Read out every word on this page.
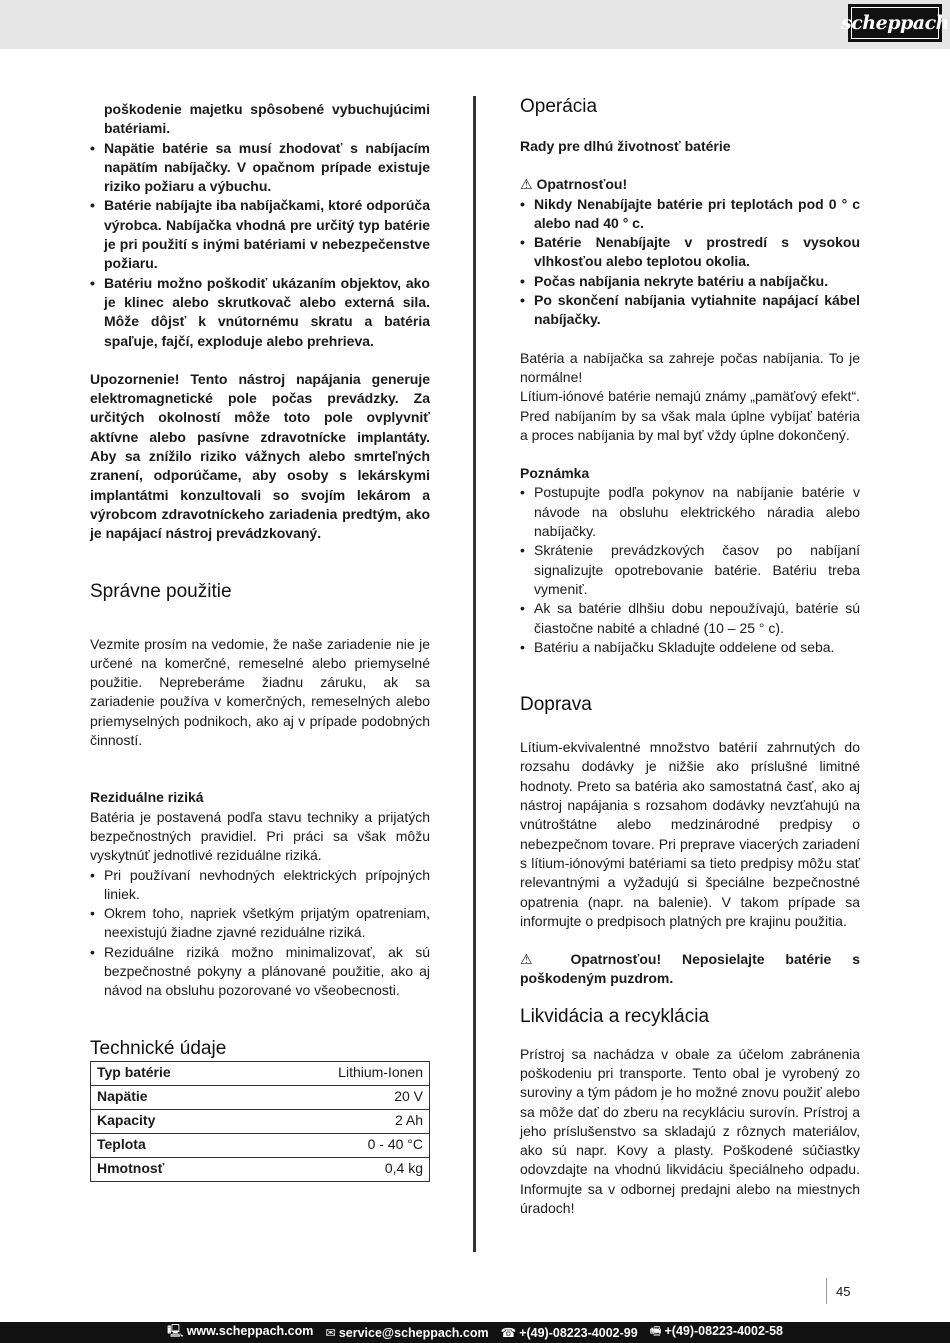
scheppach
poškodenie majetku spôsobené vybuchujúcimi batériami.
• Napätie batérie sa musí zhodovať s nabíjacím napätím nabíjačky. V opačnom prípade existuje riziko požiaru a výbuchu.
• Batérie nabíjajte iba nabíjačkami, ktoré odporúča výrobca. Nabíjačka vhodná pre určitý typ batérie je pri použití s inými batériami v nebezpečenstve požiaru.
• Batériu možno poškodiť ukázaním objektov, ako je klinec alebo skrutkovač alebo externá sila. Môže dôjsť k vnútornému skratu a batéria spaľuje, fajčí, exploduje alebo prehrieva.

Upozornenie! Tento nástroj napájania generuje elektromagnetické pole počas prevádzky. Za určitých okolností môže toto pole ovplyvniť aktívne alebo pasívne zdravotnícke implantáty. Aby sa znížilo riziko vážnych alebo smrteľných zranení, odporúčame, aby osoby s lekárskymi implantátmi konzultovali so svojím lekárom a výrobcom zdravotníckeho zariadenia predtým, ako je napájací nástroj prevádzkovaný.

Správne použitie

Vezmite prosím na vedomie, že naše zariadenie nie je určené na komerčné, remeselné alebo priemyselné použitie. Nepreberáme žiadnu záruku, ak sa zariadenie používa v komerčných, remeselných alebo priemyselných podnikoch, ako aj v prípade podobných činností.

Reziduálne riziká

Batéria je postavená podľa stavu techniky a prijatých bezpečnostných pravidiel. Pri práci sa však môžu vyskytnúť jednotlivé reziduálne riziká.

• Pri používaní nevhodných elektrických prípojných liniek.
• Okrem toho, napriek všetkým prijatým opatreniam, neexistujú žiadne zjavné reziduálne riziká.
• Reziduálne riziká možno minimalizovať, ak sú bezpečnostné pokyny a plánované použitie, ako aj návod na obsluhu pozorované vo všeobecnosti.
Technické údaje
Typ batérie	Lithium-Ionen
Napätie	20 V
Kapacity	2 Ah
Teplota	0 - 40 °C
Hmotnosť	0,4 kg
Operácia

Rady pre dlhú životnosť batérie

⚠ Opatrnosťou!

• Nikdy Nenabíjajte batérie pri teplotách pod 0 ° c alebo nad 40 ° c.
• Batérie Nenabíjajte v prostredí s vysokou vlhkosťou alebo teplotou okolia.
• Počas nabíjania nekryte batériu a nabíjačku.
• Po skončení nabíjania vytiahnite napájací kábel nabíjačky.

Batéria a nabíjačka sa zahreje počas nabíjania. To je normálne!

Lítium-iónové batérie nemajú známy „pamäťový efekt“. Pred nabíjaním by sa však mala úplne vybíjať batéria a proces nabíjania by mal byť vždy úplne dokončený.

Poznámka

• Postupujte podľa pokynov na nabíjanie batérie v návode na obsluhu elektrického náradia alebo nabíjačky.
• Skrátenie prevádzkových časov po nabíjaní signalizujte opotrebovanie batérie. Batériu treba vymeniť.
• Ak sa batérie dlhšiu dobu nepoužívajú, batérie sú čiastočne nabité a chladné (10 – 25 ° c).
• Batériu a nabíjačku Skladujte oddelene od seba.
Doprava

Lítium-ekvivalentné množstvo batérií zahrnutých do rozsahu dodávky je nižšie ako príslušné limitné hodnoty. Preto sa batéria ako samostatná časť, ako aj nástroj napájania s rozsahom dodávky nevzťahujú na vnútroštátne alebo medzinárodné predpisy o nebezpečnom tovare. Pri preprave viacerých zariadení s lítium-iónovými batériami sa tieto predpisy môžu stať relevantnými a vyžadujú si špeciálne bezpečnostné opatrenia (napr. na balenie). V takom prípade sa informujte o predpisoch platných pre krajinu použitia.

⚠ Opatrnosťou! Neposielajte batérie s poškodeným puzdrom.

Likvidácia a recyklácia

Prístroj sa nachádza v obale za účelom zabránenia poškodeniu pri transporte. Tento obal je vyrobený zo suroviny a tým pádom je ho možné znovu použiť alebo sa môže dať do zberu na recykláciu surovín. Prístroj a jeho príslušenstvo sa skladajú z rôznych materiálov, ako sú napr. Kovy a plasty. Poškodené súčiastky odovzdajte na vhodnú likvidáciu špeciálneho odpadu. Informujte sa v odbornej predajni alebo na miestnych úradoch!

45
🖳 www.scheppach.com ✉ service@scheppach.com ☎ +(49)-08223-4002-99 🖷 +(49)-08223-4002-58
